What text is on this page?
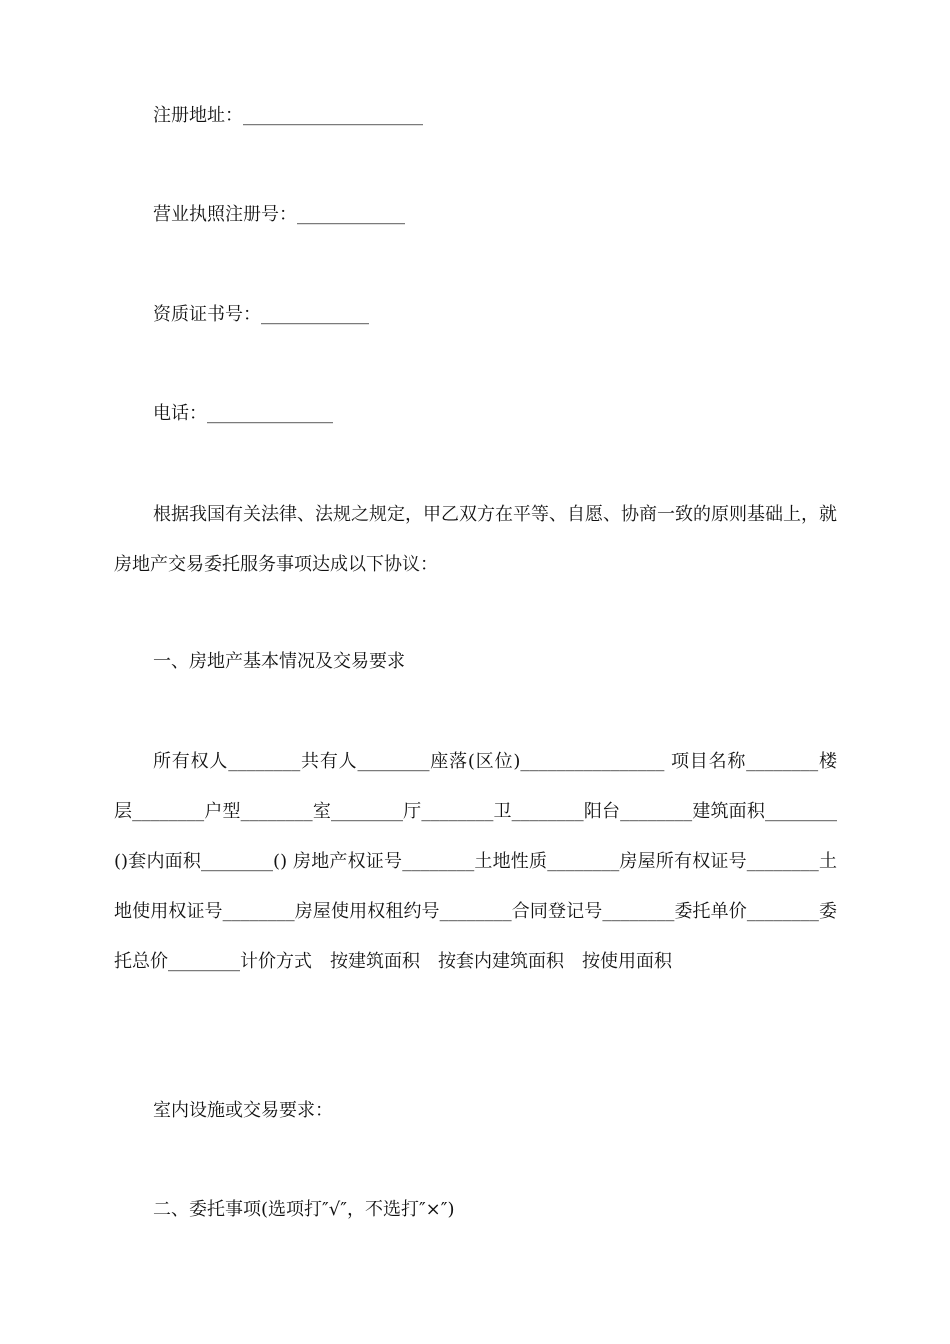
注册地址：____________________
营业执照注册号：____________
资质证书号：____________
电话：______________
根据我国有关法律、法规之规定，甲乙双方在平等、自愿、协商一致的原则基础上，就房地产交易委托服务事项达成以下协议：
一、房地产基本情况及交易要求
所有权人________共有人________座落(区位)________________ 项目名称________楼层________户型________室________厅________卫________阳台________建筑面积________()套内面积________() 房地产权证号________土地性质________房屋所有权证号________土地使用权证号________房屋使用权租约号________合同登记号________委托单价________委托总价________计价方式　按建筑面积　按套内建筑面积　按使用面积
室内设施或交易要求：
二、委托事项(选项打″√″，不选打″×″)
